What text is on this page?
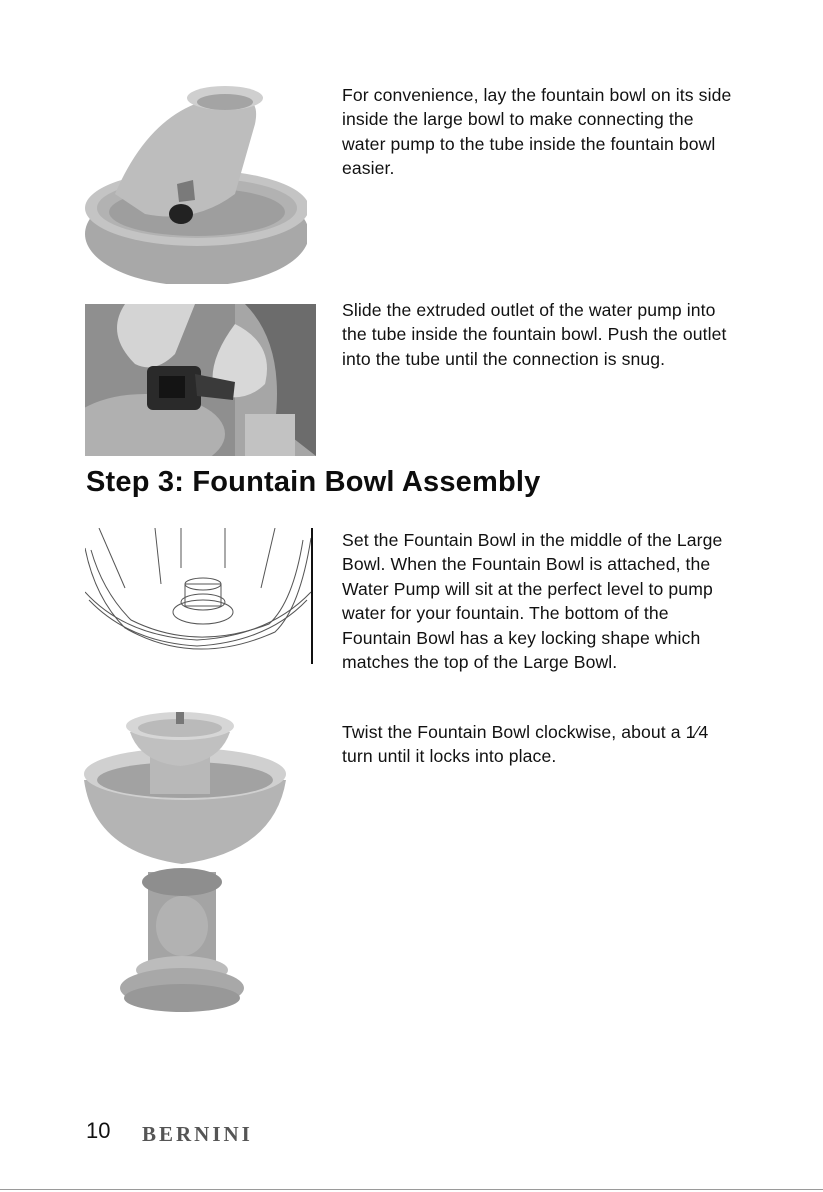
For convenience, lay the fountain bowl on its side inside the large bowl to make connecting the water pump to the tube inside the fountain bowl easier.
Slide the extruded outlet of the water pump into the tube inside the fountain bowl. Push the outlet into the tube until the connection is snug.
Step 3: Fountain Bowl Assembly
Set the Fountain Bowl in the middle of the Large Bowl. When the Fountain Bowl is attached, the Water Pump will sit at the perfect level to pump water for your fountain. The bottom of the Fountain Bowl has a key locking shape which matches the top of the Large Bowl.
Twist the Fountain Bowl clockwise, about a 1⁄4 turn until it locks into place.
10 BERNINI
